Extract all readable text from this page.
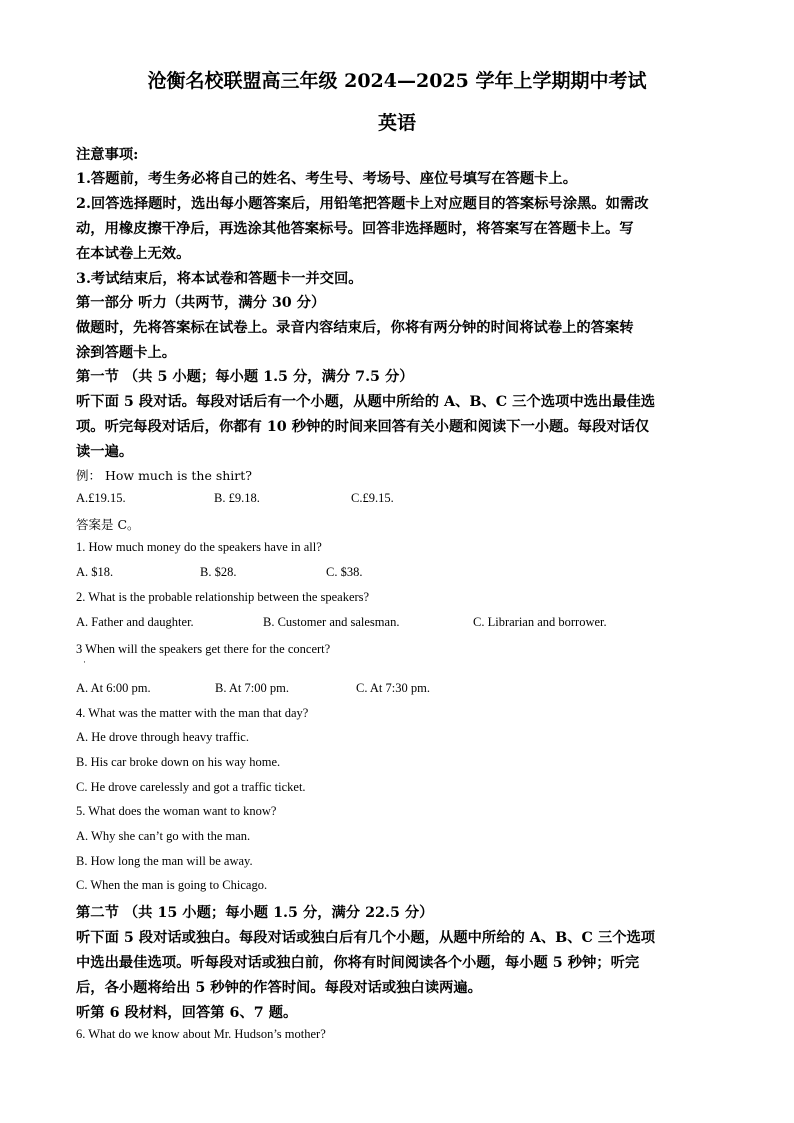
沧衡名校联盟高三年级 2024—2025 学年上学期期中考试
英语
注意事项:
1.答题前，考生务必将自己的姓名、考生号、考场号、座位号填写在答题卡上。
2.回答选择题时，选出每小题答案后，用铅笔把答题卡上对应题目的答案标号涂黑。如需改
动，用橡皮擦干净后，再选涂其他答案标号。回答非选择题时，将答案写在答题卡上。写
在本试卷上无效。
3.考试结束后，将本试卷和答题卡一并交回。
第一部分 听力（共两节，满分 30 分）
做题时，先将答案标在试卷上。录音内容结束后，你将有两分钟的时间将试卷上的答案转
涂到答题卡上。
第一节 （共 5 小题；每小题 1.5 分，满分 7.5 分）
听下面 5 段对话。每段对话后有一个小题，从题中所给的 A、B、C 三个选项中选出最佳选
项。听完每段对话后，你都有 10 秒钟的时间来回答有关小题和阅读下一小题。每段对话仅
读一遍。
例： How much is the shirt?
A.£19.15.	B. £9.18.	C.£9.15.
答案是 C。
1. How much money do the speakers have in all?
A. $18.	B. $28.	C. $38.
2. What is the probable relationship between the speakers?
A. Father and daughter.	B. Customer and salesman.	C. Librarian and borrower.
3 When will the speakers get there for the concert?
·
A. At 6:00 pm.	B. At 7:00 pm.	C. At 7:30 pm.
4. What was the matter with the man that day?
A. He drove through heavy traffic.
B. His car broke down on his way home.
C. He drove carelessly and got a traffic ticket.
5. What does the woman want to know?
A. Why she can’t go with the man.
B. How long the man will be away.
C. When the man is going to Chicago.
第二节 （共 15 小题；每小题 1.5 分，满分 22.5 分）
听下面 5 段对话或独白。每段对话或独白后有几个小题，从题中所给的 A、B、C 三个选项
中选出最佳选项。听每段对话或独白前，你将有时间阅读各个小题，每小题 5 秒钟；听完
后，各小题将给出 5 秒钟的作答时间。每段对话或独白读两遍。
听第 6 段材料，回答第 6、7 题。
6. What do we know about Mr. Hudson’s mother?
